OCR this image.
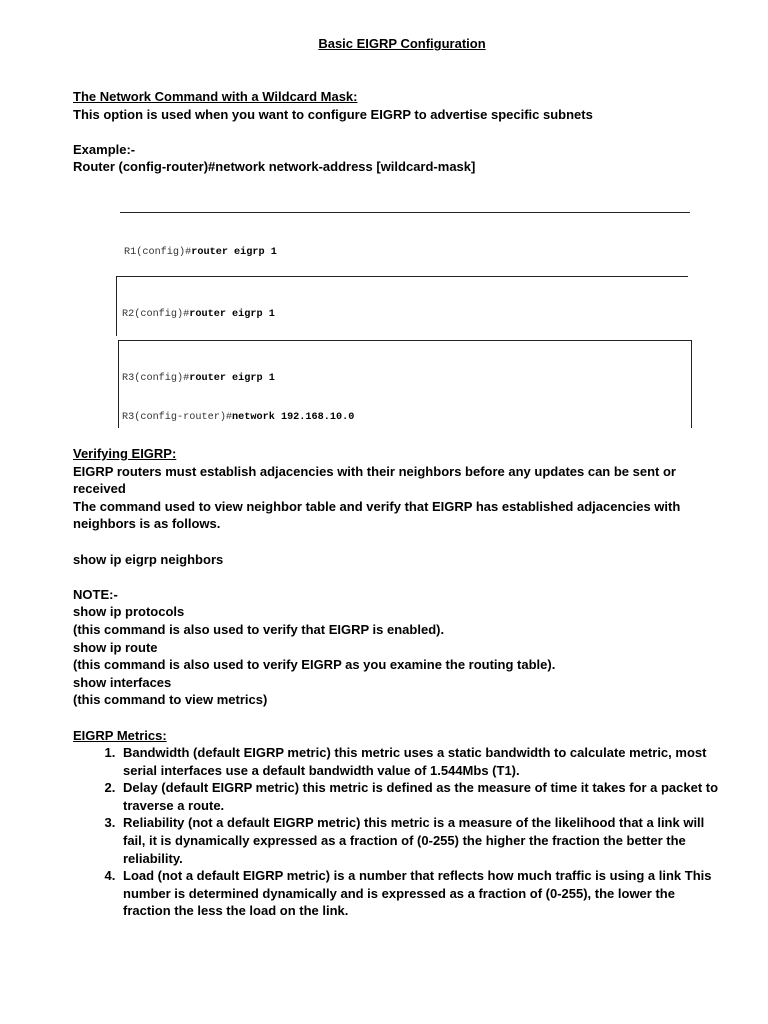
Basic EIGRP Configuration

The Network Command with a Wildcard Mask:

This option is used when you want to configure EIGRP to advertise specific subnets

Example:-

Router (config-router)#network network-address [wildcard-mask]

R1(config)#router eigrp 1

R2(config)#router eigrp 1

R3(config)#router eigrp 1

R3(config-router)#network 192.168.10.0

Verifying EIGRP:

EIGRP routers must establish adjacencies with their neighbors before any updates can be sent or received

The command used to view neighbor table and verify that EIGRP has established adjacencies with neighbors is as follows.

show ip eigrp neighbors

NOTE:-

show ip protocols

(this command is also used to verify that EIGRP is enabled).

show ip route

(this command is also used to verify EIGRP as you examine the routing table).

show interfaces

(this command to view metrics)

EIGRP Metrics:

1. Bandwidth (default EIGRP metric) this metric uses a static bandwidth to calculate metric, most serial interfaces use a default bandwidth value of 1.544Mbs (T1).
2. Delay (default EIGRP metric) this metric is defined as the measure of time it takes for a packet to traverse a route.
3. Reliability (not a default EIGRP metric) this metric is a measure of the likelihood that a link will fail, it is dynamically expressed as a fraction of (0-255) the higher the fraction the better the reliability.
4. Load (not a default EIGRP metric) is a number that reflects how much traffic is using a link This number is determined dynamically and is expressed as a fraction of (0-255), the lower the fraction the less the load on the link.
